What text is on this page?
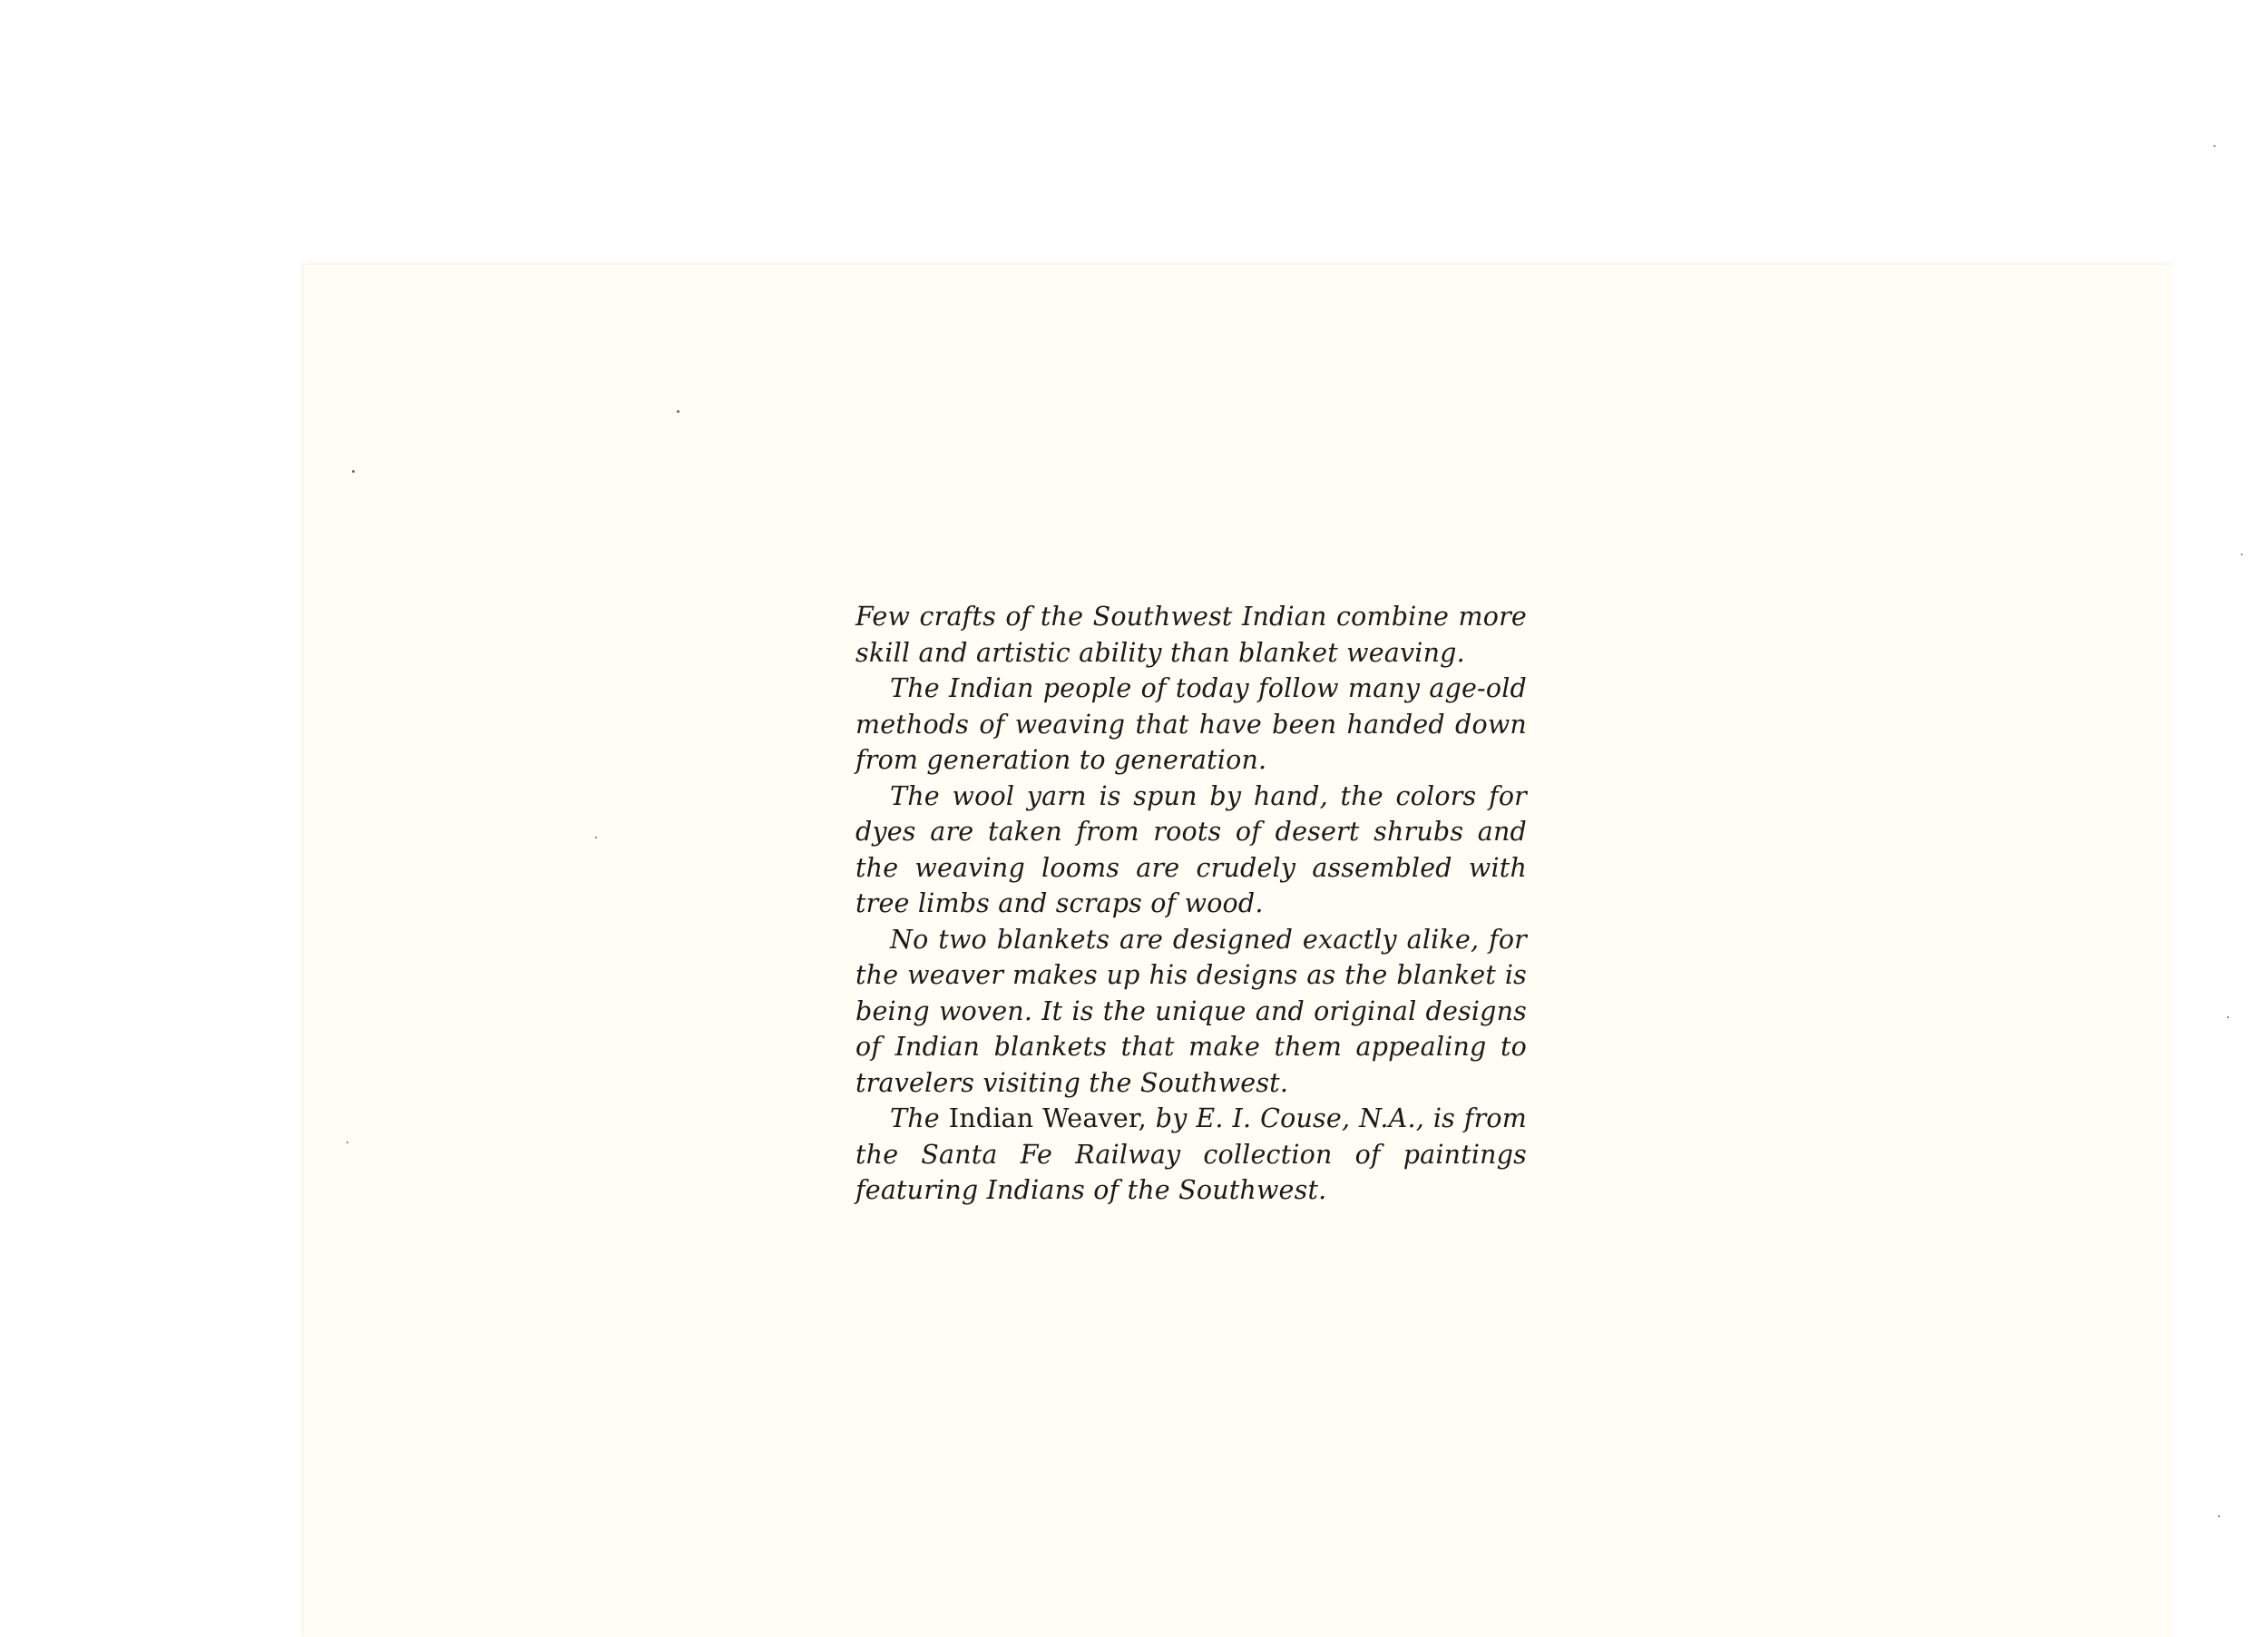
Few crafts of the Southwest Indian combine more skill and artistic ability than blanket weaving.

The Indian people of today follow many age-old methods of weaving that have been handed down from generation to generation.

The wool yarn is spun by hand, the colors for dyes are taken from roots of desert shrubs and the weaving looms are crudely assembled with tree limbs and scraps of wood.

No two blankets are designed exactly alike, for the weaver makes up his designs as the blanket is being woven. It is the unique and original designs of Indian blankets that make them appealing to travelers visiting the Southwest.

The Indian Weaver, by E. I. Couse, N.A., is from the Santa Fe Railway collection of paintings featuring Indians of the Southwest.
